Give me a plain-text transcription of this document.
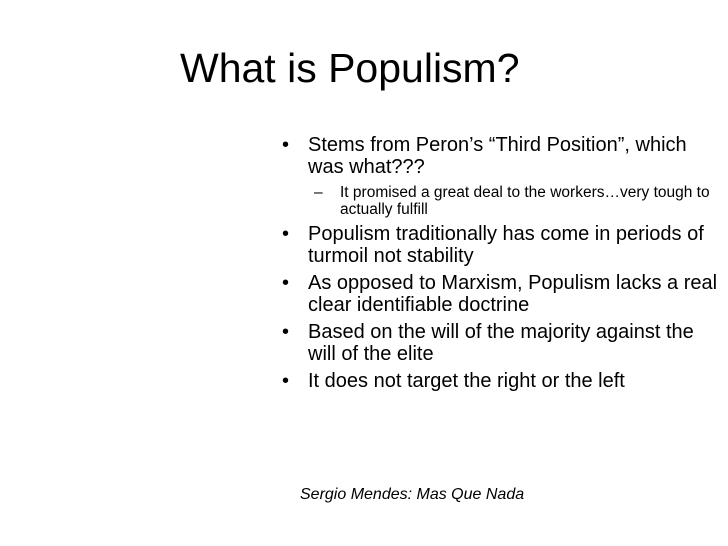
What is Populism?
• Stems from Peron’s “Third Position”, which was what???
– It promised a great deal to the workers…very tough to actually fulfill
• Populism traditionally has come in periods of turmoil not stability
• As opposed to Marxism, Populism lacks a real clear identifiable doctrine
• Based on the will of the majority against the will of the elite
• It does not target the right or the left
Sergio Mendes: Mas Que Nada
